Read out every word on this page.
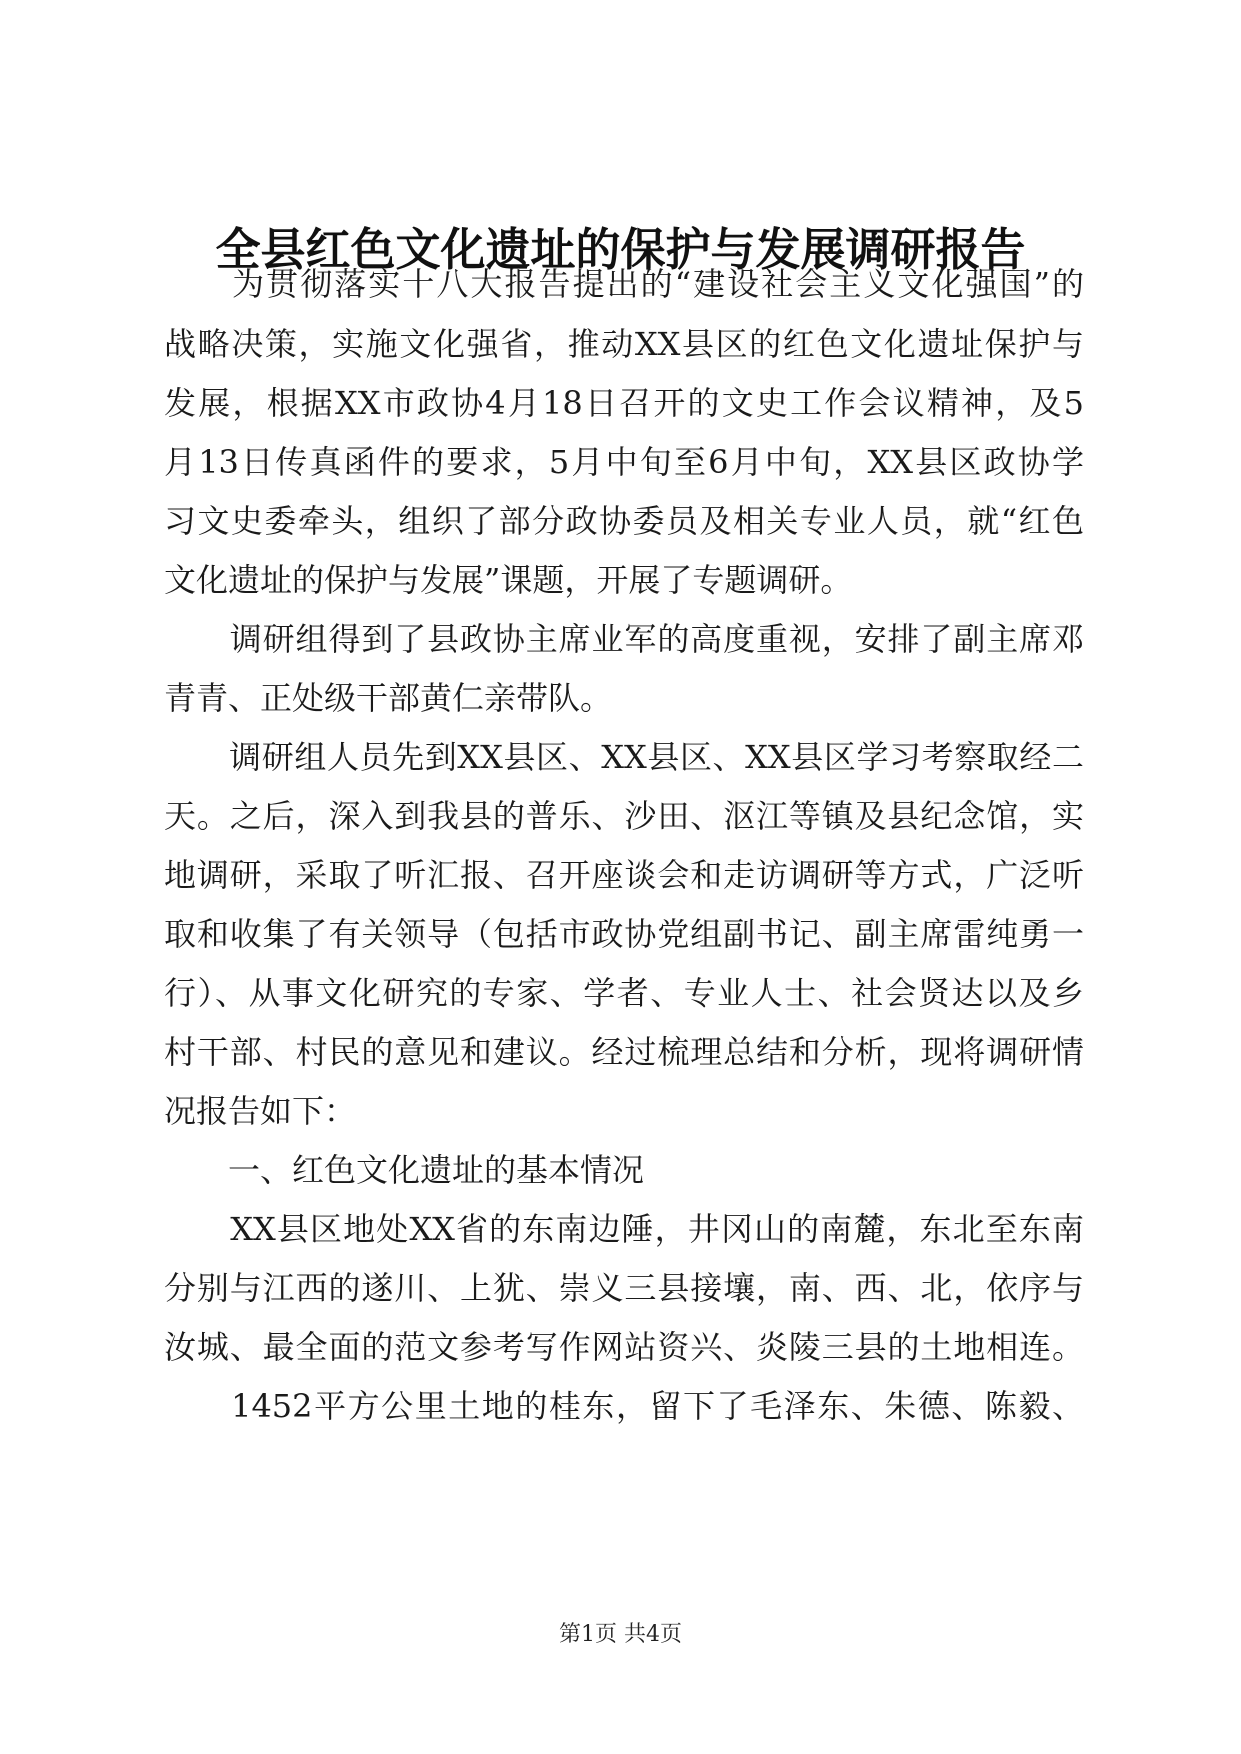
全县红色文化遗址的保护与发展调研报告
　　为贯彻落实十八大报告提出的“建设社会主义文化强国”的
战略决策，实施文化强省，推动XX县区的红色文化遗址保护与
发展，根据XX市政协4月18日召开的文史工作会议精神，及5
月13日传真函件的要求，5月中旬至6月中旬，XX县区政协学
习文史委牵头，组织了部分政协委员及相关专业人员，就“红色
文化遗址的保护与发展”课题，开展了专题调研。
　　调研组得到了县政协主席业军的高度重视，安排了副主席邓
青青、正处级干部黄仁亲带队。
　　调研组人员先到XX县区、XX县区、XX县区学习考察取经二
天。之后，深入到我县的普乐、沙田、沤江等镇及县纪念馆，实
地调研，采取了听汇报、召开座谈会和走访调研等方式，广泛听
取和收集了有关领导（包括市政协党组副书记、副主席雷纯勇一
行）、从事文化研究的专家、学者、专业人士、社会贤达以及乡
村干部、村民的意见和建议。经过梳理总结和分析，现将调研情
况报告如下：
　　一、红色文化遗址的基本情况
　　XX县区地处XX省的东南边陲，井冈山的南麓，东北至东南
分别与江西的遂川、上犹、崇义三县接壤，南、西、北，依序与
汝城、最全面的范文参考写作网站资兴、炎陵三县的土地相连。
　　1452平方公里土地的桂东，留下了毛泽东、朱德、陈毅、
第1页 共4页
